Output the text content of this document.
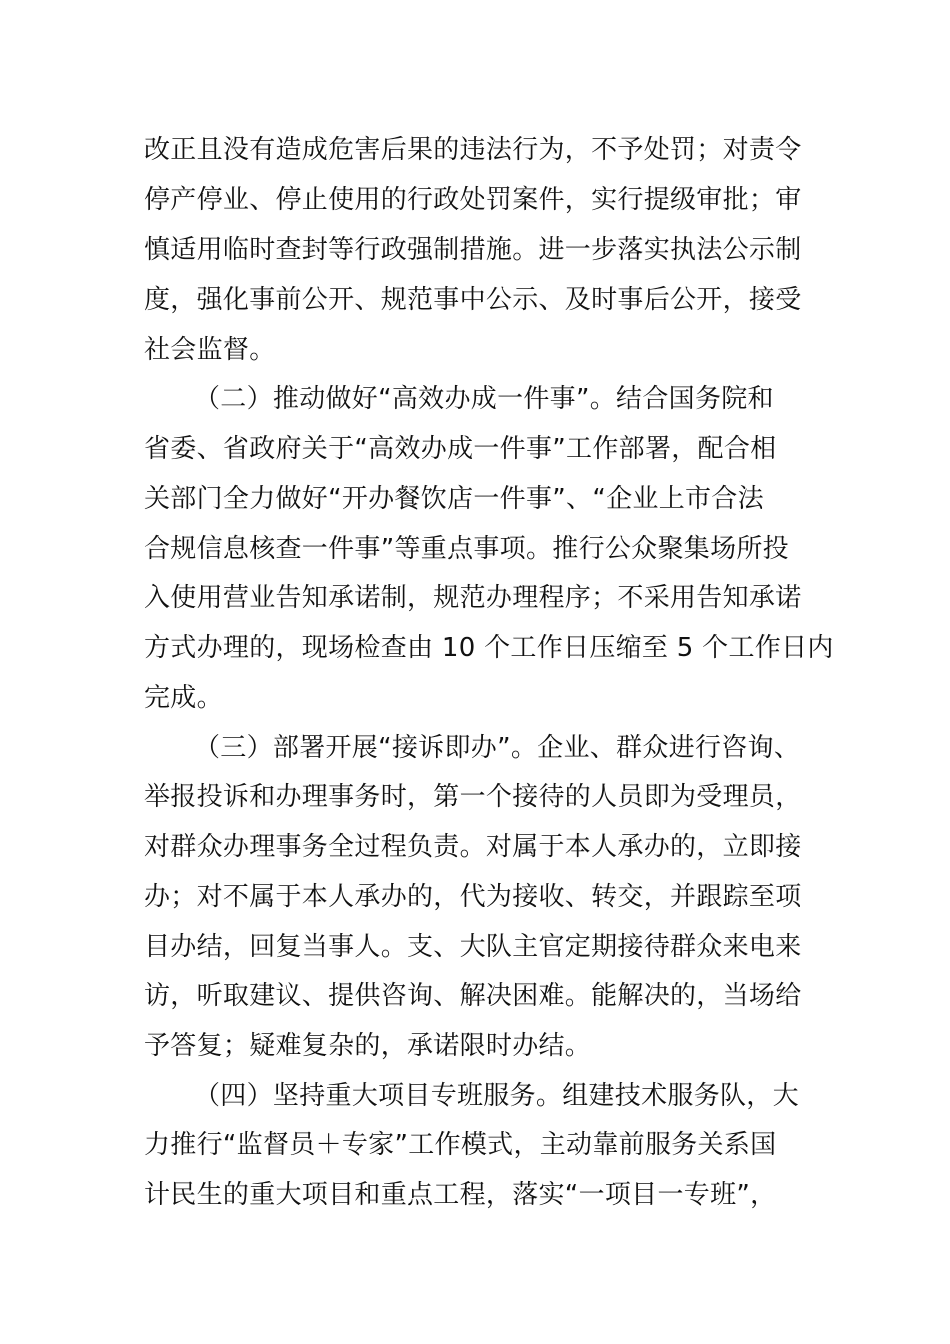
改正且没有造成危害后果的违法行为，不予处罚；对责令
停产停业、停止使用的行政处罚案件，实行提级审批；审
慎适用临时查封等行政强制措施。进一步落实执法公示制
度，强化事前公开、规范事中公示、及时事后公开，接受
社会监督。
（二）推动做好“高效办成一件事”。结合国务院和
省委、省政府关于“高效办成一件事”工作部署，配合相
关部门全力做好“开办餐饮店一件事”、“企业上市合法
合规信息核查一件事”等重点事项。推行公众聚集场所投
入使用营业告知承诺制，规范办理程序；不采用告知承诺
方式办理的，现场检查由 10 个工作日压缩至 5 个工作日内
完成。
（三）部署开展“接诉即办”。企业、群众进行咨询、
举报投诉和办理事务时，第一个接待的人员即为受理员，
对群众办理事务全过程负责。对属于本人承办的，立即接
办；对不属于本人承办的，代为接收、转交，并跟踪至项
目办结，回复当事人。支、大队主官定期接待群众来电来
访，听取建议、提供咨询、解决困难。能解决的，当场给
予答复；疑难复杂的，承诺限时办结。
（四）坚持重大项目专班服务。组建技术服务队，大
力推行“监督员＋专家”工作模式，主动靠前服务关系国
计民生的重大项目和重点工程，落实“一项目一专班”，
